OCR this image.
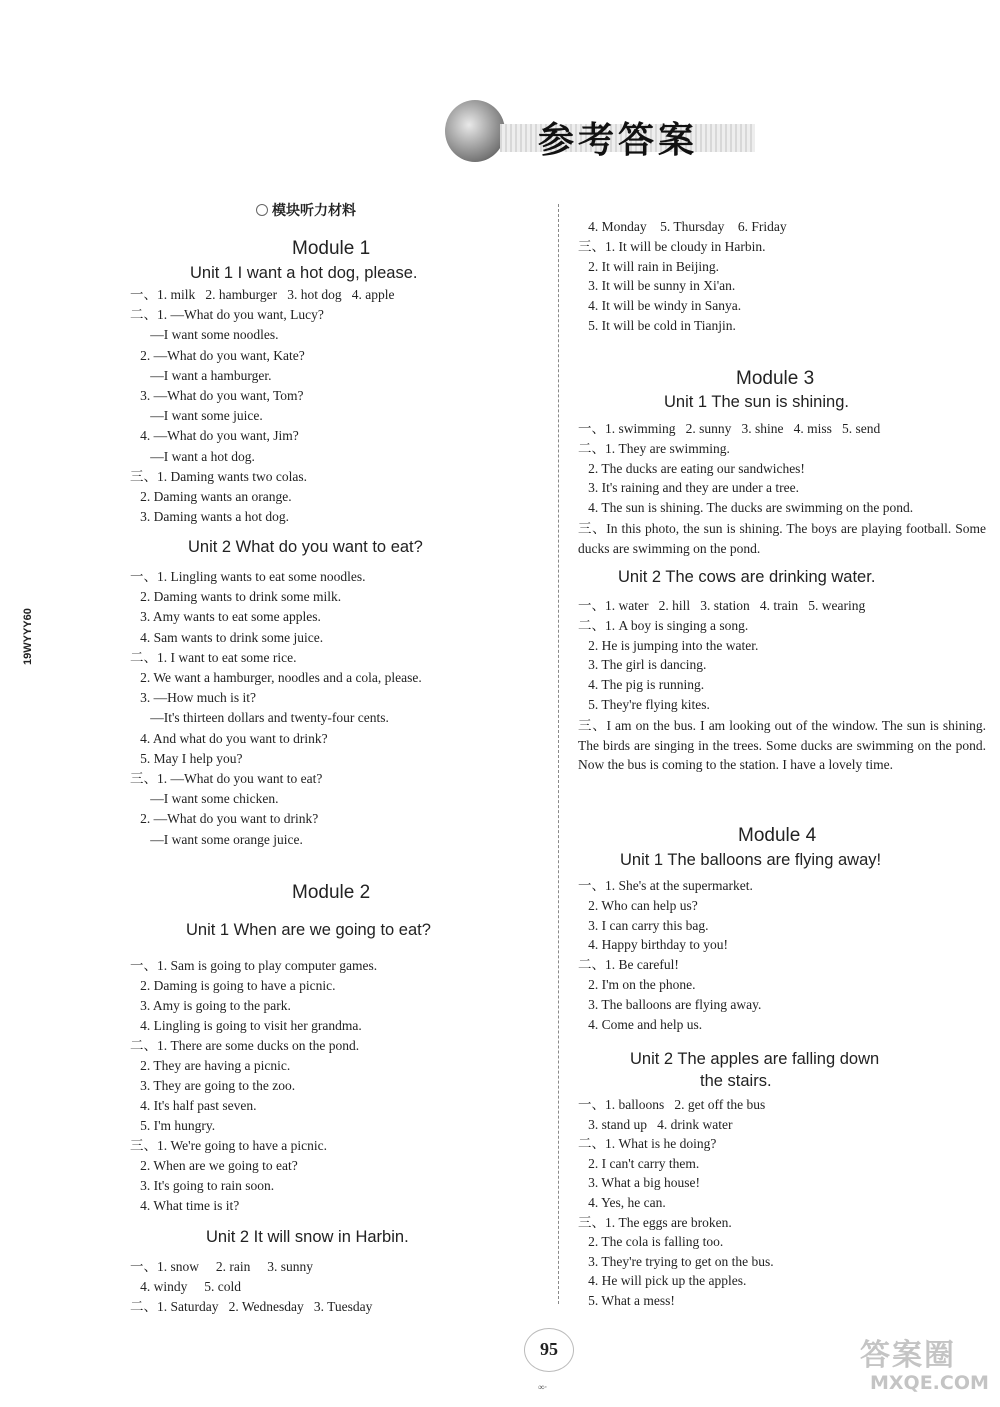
参考答案
19WYYY60
模块听力材料
Module 1
Unit 1 I want a hot dog, please.
一、1. milk   2. hamburger   3. hot dog   4. apple
二、1. —What do you want, Lucy?
—I want some noodles.
2. —What do you want, Kate?
—I want a hamburger.
3. —What do you want, Tom?
—I want some juice.
4. —What do you want, Jim?
—I want a hot dog.
三、1. Daming wants two colas.
2. Daming wants an orange.
3. Daming wants a hot dog.
Unit 2 What do you want to eat?
一、1. Lingling wants to eat some noodles.
2. Daming wants to drink some milk.
3. Amy wants to eat some apples.
4. Sam wants to drink some juice.
二、1. I want to eat some rice.
2. We want a hamburger, noodles and a cola, please.
3. —How much is it?
—It's thirteen dollars and twenty-four cents.
4. And what do you want to drink?
5. May I help you?
三、1. —What do you want to eat?
—I want some chicken.
2. —What do you want to drink?
—I want some orange juice.
Module 2
Unit 1 When are we going to eat?
一、1. Sam is going to play computer games.
2. Daming is going to have a picnic.
3. Amy is going to the park.
4. Lingling is going to visit her grandma.
二、1. There are some ducks on the pond.
2. They are having a picnic.
3. They are going to the zoo.
4. It's half past seven.
5. I'm hungry.
三、1. We're going to have a picnic.
2. When are we going to eat?
3. It's going to rain soon.
4. What time is it?
Unit 2 It will snow in Harbin.
一、1. snow     2. rain     3. sunny
4. windy     5. cold
二、1. Saturday   2. Wednesday   3. Tuesday
4. Monday    5. Thursday    6. Friday
三、1. It will be cloudy in Harbin.
2. It will rain in Beijing.
3. It will be sunny in Xi'an.
4. It will be windy in Sanya.
5. It will be cold in Tianjin.
Module 3
Unit 1 The sun is shining.
一、1. swimming   2. sunny   3. shine   4. miss   5. send
二、1. They are swimming.
2. The ducks are eating our sandwiches!
3. It's raining and they are under a tree.
4. The sun is shining. The ducks are swimming on the pond.
三、In this photo, the sun is shining. The boys are playing football. Some ducks are swimming on the pond.
Unit 2 The cows are drinking water.
一、1. water   2. hill   3. station   4. train   5. wearing
二、1. A boy is singing a song.
2. He is jumping into the water.
3. The girl is dancing.
4. The pig is running.
5. They're flying kites.
三、I am on the bus. I am looking out of the window. The sun is shining. The birds are singing in the trees. Some ducks are swimming on the pond. Now the bus is coming to the station. I have a lovely time.
Module 4
Unit 1 The balloons are flying away!
一、1. She's at the supermarket.
2. Who can help us?
3. I can carry this bag.
4. Happy birthday to you!
二、1. Be careful!
2. I'm on the phone.
3. The balloons are flying away.
4. Come and help us.
Unit 2 The apples are falling down
the stairs.
一、1. balloons   2. get off the bus
3. stand up   4. drink water
二、1. What is he doing?
2. I can't carry them.
3. What a big house!
4. Yes, he can.
三、1. The eggs are broken.
2. The cola is falling too.
3. They're trying to get on the bus.
4. He will pick up the apples.
5. What a mess!
95
∞·
答案圈
MXQE.COM
